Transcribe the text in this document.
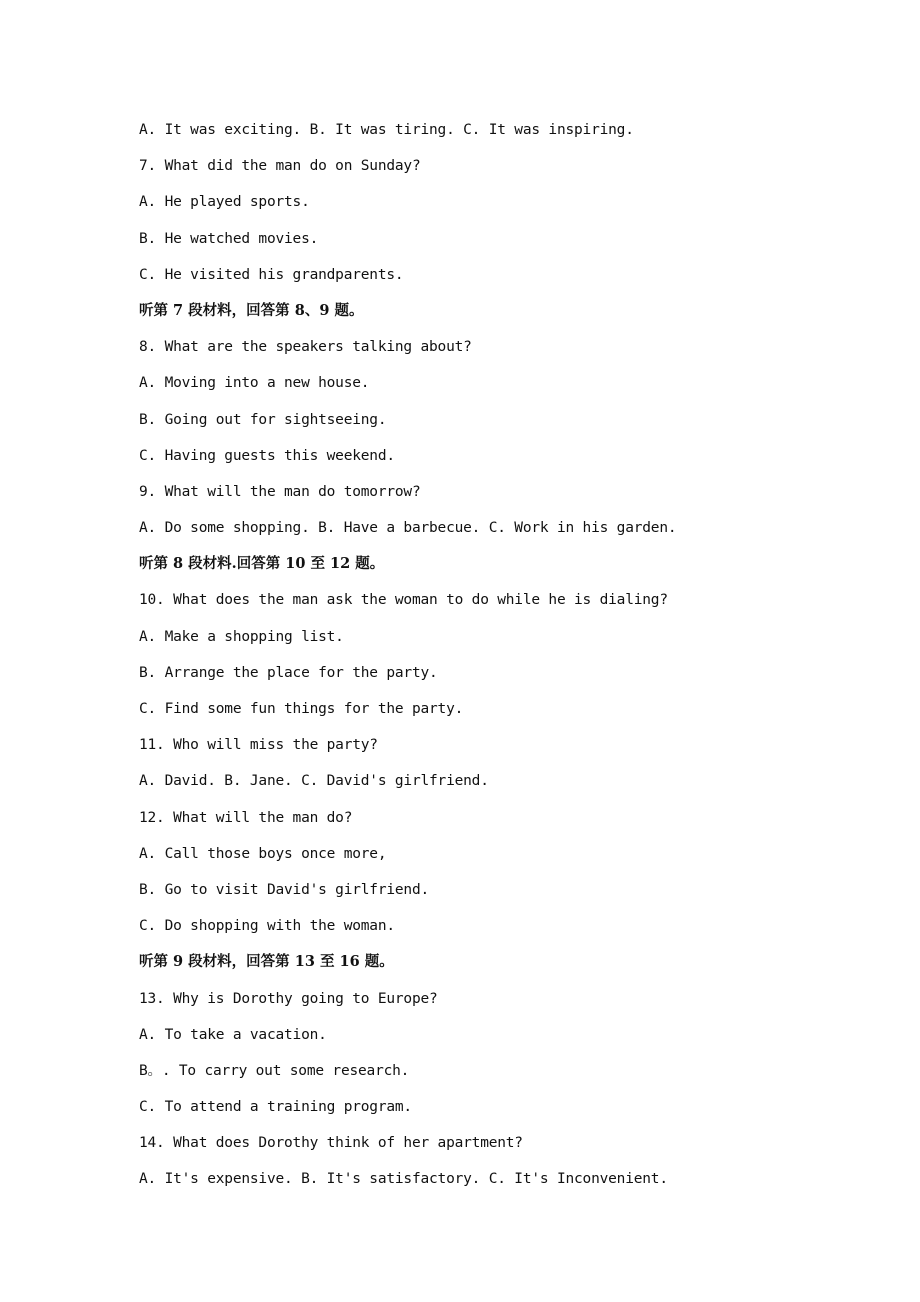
A. It was exciting. B. It was tiring. C. It was inspiring.
7. What did the man do on Sunday?
A. He played sports.
B. He watched movies.
C. He visited his grandparents.
听第 7 段材料，回答第 8、9 题。
8. What are the speakers talking about?
A. Moving into a new house.
B. Going out for sightseeing.
C. Having guests this weekend.
9. What will the man do tomorrow?
A. Do some shopping. B. Have a barbecue. C. Work in his garden.
听第 8 段材料.回答第 10 至 12 题。
10. What does the man ask the woman to do while he is dialing?
A. Make a shopping list.
B. Arrange the place for the party.
C. Find some fun things for the party.
11. Who will miss the party?
A. David. B. Jane. C. David's girlfriend.
12. What will the man do?
A. Call those boys once more,
B. Go to visit David's girlfriend.
C. Do shopping with the woman.
听第 9 段材料，回答第 13 至 16 题。
13. Why is Dorothy going to Europe?
A. To take a vacation.
B。. To carry out some research.
C. To attend a training program.
14. What does Dorothy think of her apartment?
A. It's expensive. B. It's satisfactory. C. It's Inconvenient.
